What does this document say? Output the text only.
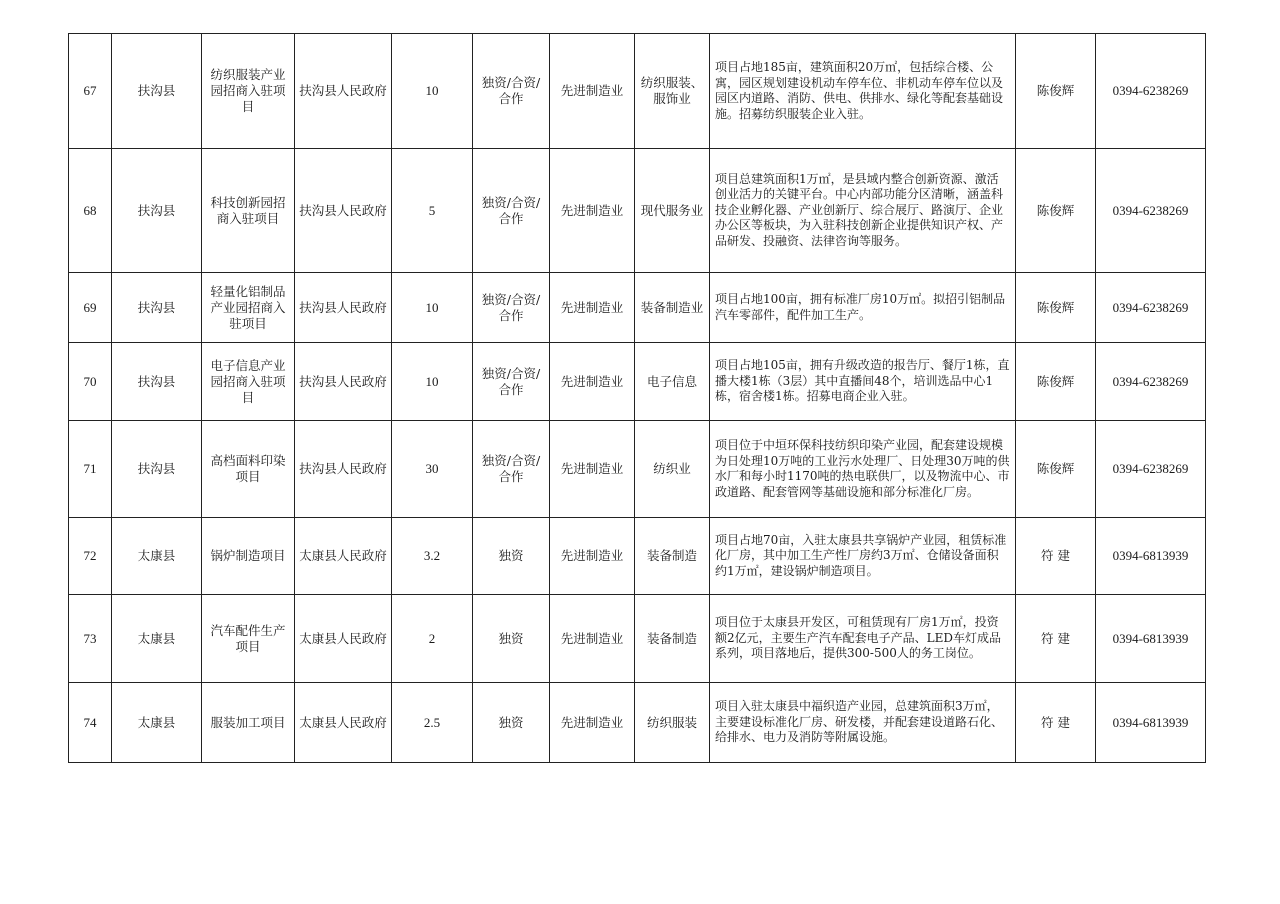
67	扶沟县	纺织服装产业园招商入驻项目	扶沟县人民政府	10	独资/合资/合作	先进制造业	纺织服装、服饰业	项目占地185亩，建筑面积20万㎡，包括综合楼、公寓，园区规划建设机动车停车位、非机动车停车位以及园区内道路、消防、供电、供排水、绿化等配套基础设施。招募纺织服装企业入驻。	陈俊辉	0394-6238269
68	扶沟县	科技创新园招商入驻项目	扶沟县人民政府	5	独资/合资/合作	先进制造业	现代服务业	项目总建筑面积1万㎡，是县域内整合创新资源、激活创业活力的关键平台。中心内部功能分区清晰，涵盖科技企业孵化器、产业创新厅、综合展厅、路演厅、企业办公区等板块，为入驻科技创新企业提供知识产权、产品研发、投融资、法律咨询等服务。	陈俊辉	0394-6238269
69	扶沟县	轻量化铝制品产业园招商入驻项目	扶沟县人民政府	10	独资/合资/合作	先进制造业	装备制造业	项目占地100亩，拥有标准厂房10万㎡。拟招引铝制品汽车零部件，配件加工生产。	陈俊辉	0394-6238269
70	扶沟县	电子信息产业园招商入驻项目	扶沟县人民政府	10	独资/合资/合作	先进制造业	电子信息	项目占地105亩，拥有升级改造的报告厅、餐厅1栋，直播大楼1栋（3层）其中直播间48个，培训选品中心1栋，宿舍楼1栋。招募电商企业入驻。	陈俊辉	0394-6238269
71	扶沟县	高档面料印染项目	扶沟县人民政府	30	独资/合资/合作	先进制造业	纺织业	项目位于中垣环保科技纺织印染产业园，配套建设规模为日处理10万吨的工业污水处理厂、日处理30万吨的供水厂和每小时1170吨的热电联供厂，以及物流中心、市政道路、配套管网等基础设施和部分标准化厂房。	陈俊辉	0394-6238269
72	太康县	锅炉制造项目	太康县人民政府	3.2	独资	先进制造业	装备制造	项目占地70亩，入驻太康县共享锅炉产业园，租赁标准化厂房，其中加工生产性厂房约3万㎡、仓储设备面积约1万㎡，建设锅炉制造项目。	符 建	0394-6813939
73	太康县	汽车配件生产项目	太康县人民政府	2	独资	先进制造业	装备制造	项目位于太康县开发区，可租赁现有厂房1万㎡，投资额2亿元，主要生产汽车配套电子产品、LED车灯成品系列，项目落地后，提供300-500人的务工岗位。	符 建	0394-6813939
74	太康县	服装加工项目	太康县人民政府	2.5	独资	先进制造业	纺织服装	项目入驻太康县中福织造产业园，总建筑面积3万㎡，主要建设标准化厂房、研发楼，并配套建设道路石化、给排水、电力及消防等附属设施。	符 建	0394-6813939
